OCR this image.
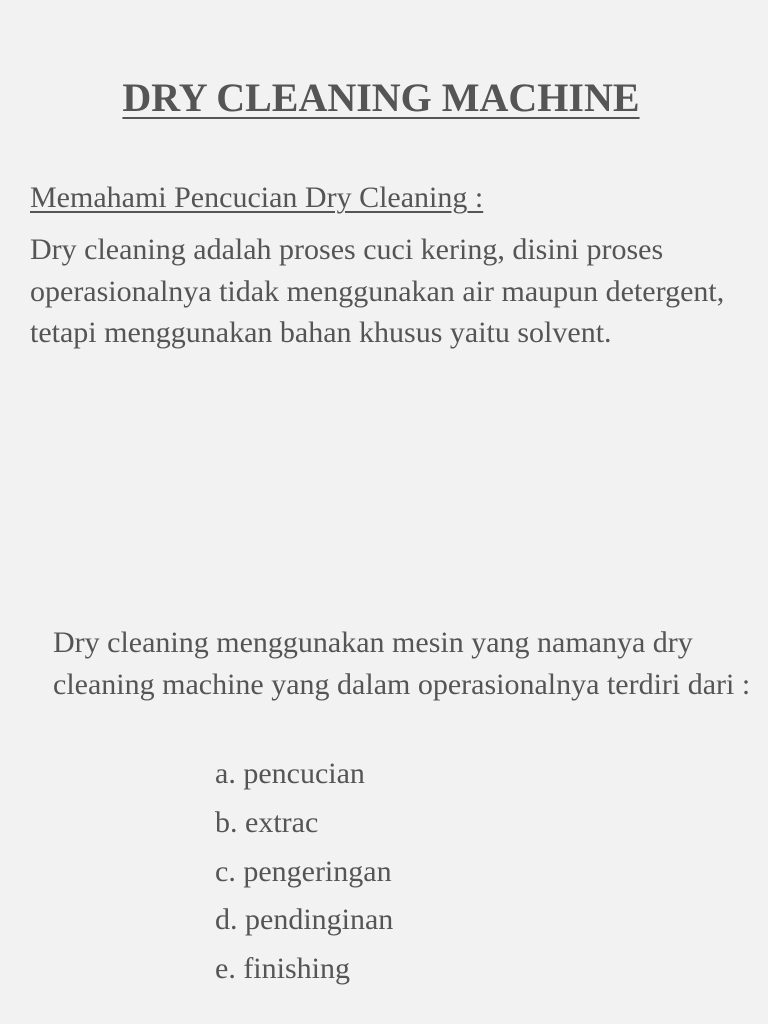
DRY CLEANING MACHINE
Memahami Pencucian Dry Cleaning :

Dry cleaning adalah proses cuci kering, disini proses operasionalnya tidak menggunakan air maupun detergent, tetapi menggunakan bahan khusus yaitu solvent.

Dry cleaning menggunakan mesin yang namanya dry cleaning machine yang dalam operasionalnya terdiri dari :

a. pencucian
b. extrac
c. pengeringan
d. pendinginan
e. finishing
